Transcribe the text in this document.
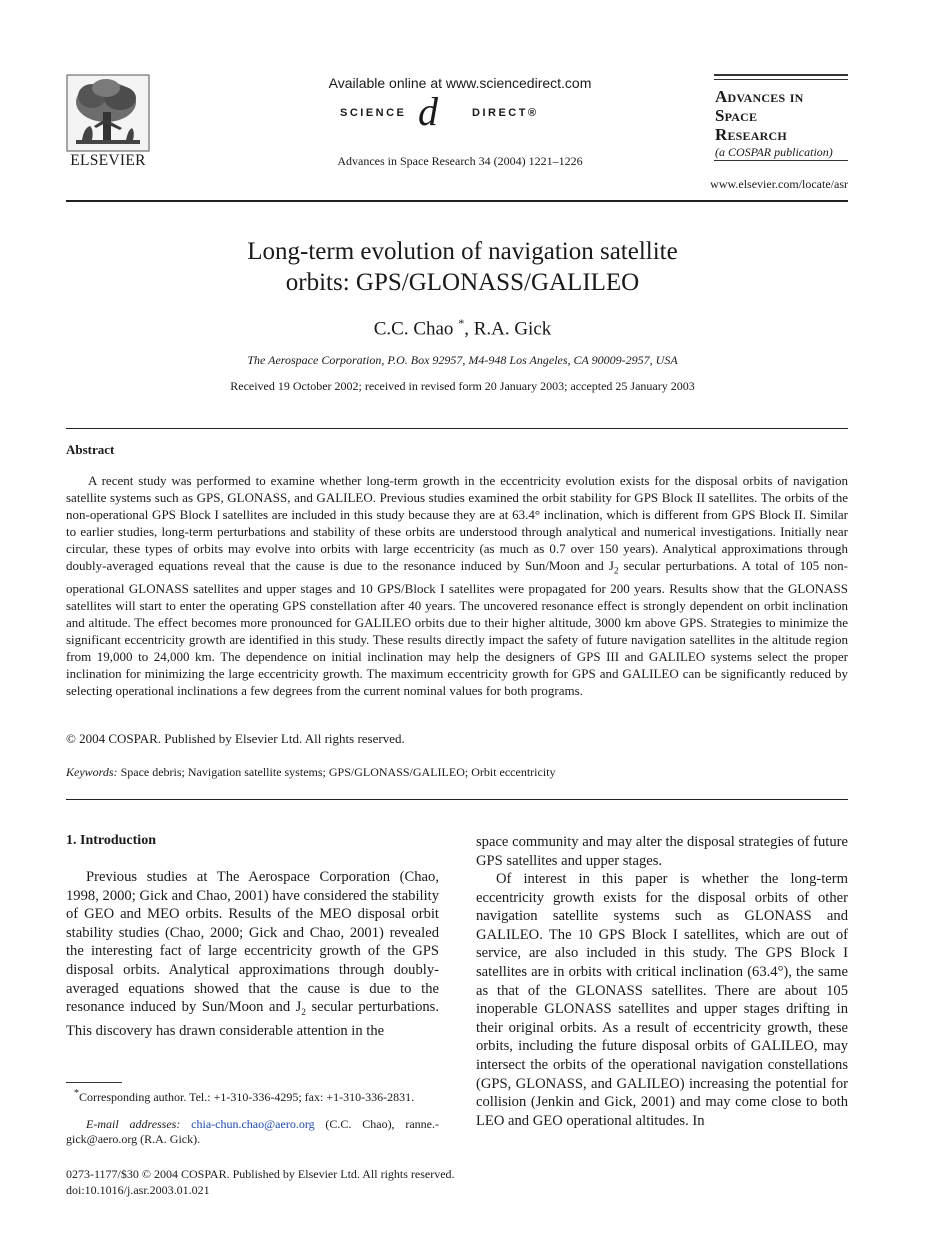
ELSEVIER
Available online at www.sciencedirect.com
SCIENCE d	DIRECT®
Advances in Space Research 34 (2004) 1221–1226
Advances in
Space
Research
(a COSPAR publication)
www.elsevier.com/locate/asr
Long-term evolution of navigation satellite
orbits: GPS/GLONASS/GALILEO
C.C. Chao *, R.A. Gick
The Aerospace Corporation, P.O. Box 92957, M4-948 Los Angeles, CA 90009-2957, USA
Received 19 October 2002; received in revised form 20 January 2003; accepted 25 January 2003
Abstract

A recent study was performed to examine whether long-term growth in the eccentricity evolution exists for the disposal orbits of navigation satellite systems such as GPS, GLONASS, and GALILEO. Previous studies examined the orbit stability for GPS Block II satellites. The orbits of the non-operational GPS Block I satellites are included in this study because they are at 63.4° inclination, which is different from GPS Block II. Similar to earlier studies, long-term perturbations and stability of these orbits are understood through analytical and numerical investigations. Initially near circular, these types of orbits may evolve into orbits with large eccentricity (as much as 0.7 over 150 years). Analytical approximations through doubly-averaged equations reveal that the cause is due to the resonance induced by Sun/Moon and $J_2$ secular perturbations. A total of 105 non-operational GLONASS satellites and upper stages and 10 GPS/Block I satellites were propagated for 200 years. Results show that the GLONASS satellites will start to enter the operating GPS constellation after 40 years. The uncovered resonance effect is strongly dependent on orbit inclination and altitude. The effect becomes more pronounced for GALILEO orbits due to their higher altitude, 3000 km above GPS. Strategies to minimize the significant eccentricity growth are identified in this study. These results directly impact the safety of future navigation satellites in the altitude region from 19,000 to 24,000 km. The dependence on initial inclination may help the designers of GPS III and GALILEO systems select the proper inclination for minimizing the large eccentricity growth. The maximum eccentricity growth for GPS and GALILEO can be significantly reduced by selecting operational inclinations a few degrees from the current nominal values for both programs.

© 2004 COSPAR. Published by Elsevier Ltd. All rights reserved.
Keywords: Space debris; Navigation satellite systems; GPS/GLONASS/GALILEO; Orbit eccentricity
1. Introduction

Previous studies at The Aerospace Corporation (Chao, 1998, 2000; Gick and Chao, 2001) have considered the stability of GEO and MEO orbits. Results of the MEO disposal orbit stability studies (Chao, 2000; Gick and Chao, 2001) revealed the interesting fact of large eccentricity growth of the GPS disposal orbits. Analytical approximations through doubly-averaged equations showed that the cause is due to the resonance induced by Sun/Moon and $J_2$ secular perturbations. This discovery has drawn considerable attention in the

space community and may alter the disposal strategies of future GPS satellites and upper stages.

Of interest in this paper is whether the long-term eccentricity growth exists for the disposal orbits of other navigation satellite systems such as GLONASS and GALILEO. The 10 GPS Block I satellites, which are out of service, are also included in this study. The GPS Block I satellites are in orbits with critical inclination (63.4°), the same as that of the GLONASS satellites. There are about 105 inoperable GLONASS satellites and upper stages drifting in their original orbits. As a result of eccentricity growth, these orbits, including the future disposal orbits of GALILEO, may intersect the orbits of the operational navigation constellations (GPS, GLONASS, and GALILEO) increasing the potential for collision (Jenkin and Gick, 2001) and may come close to both LEO and GEO operational altitudes. In

*Corresponding author. Tel.: +1-310-336-4295; fax: +1-310-336-2831.

E-mail addresses: chia-chun.chao@aero.org (C.C. Chao), ranne.-gick@aero.org (R.A. Gick).

0273-1177/$30 © 2004 COSPAR. Published by Elsevier Ltd. All rights reserved.
doi:10.1016/j.asr.2003.01.021
